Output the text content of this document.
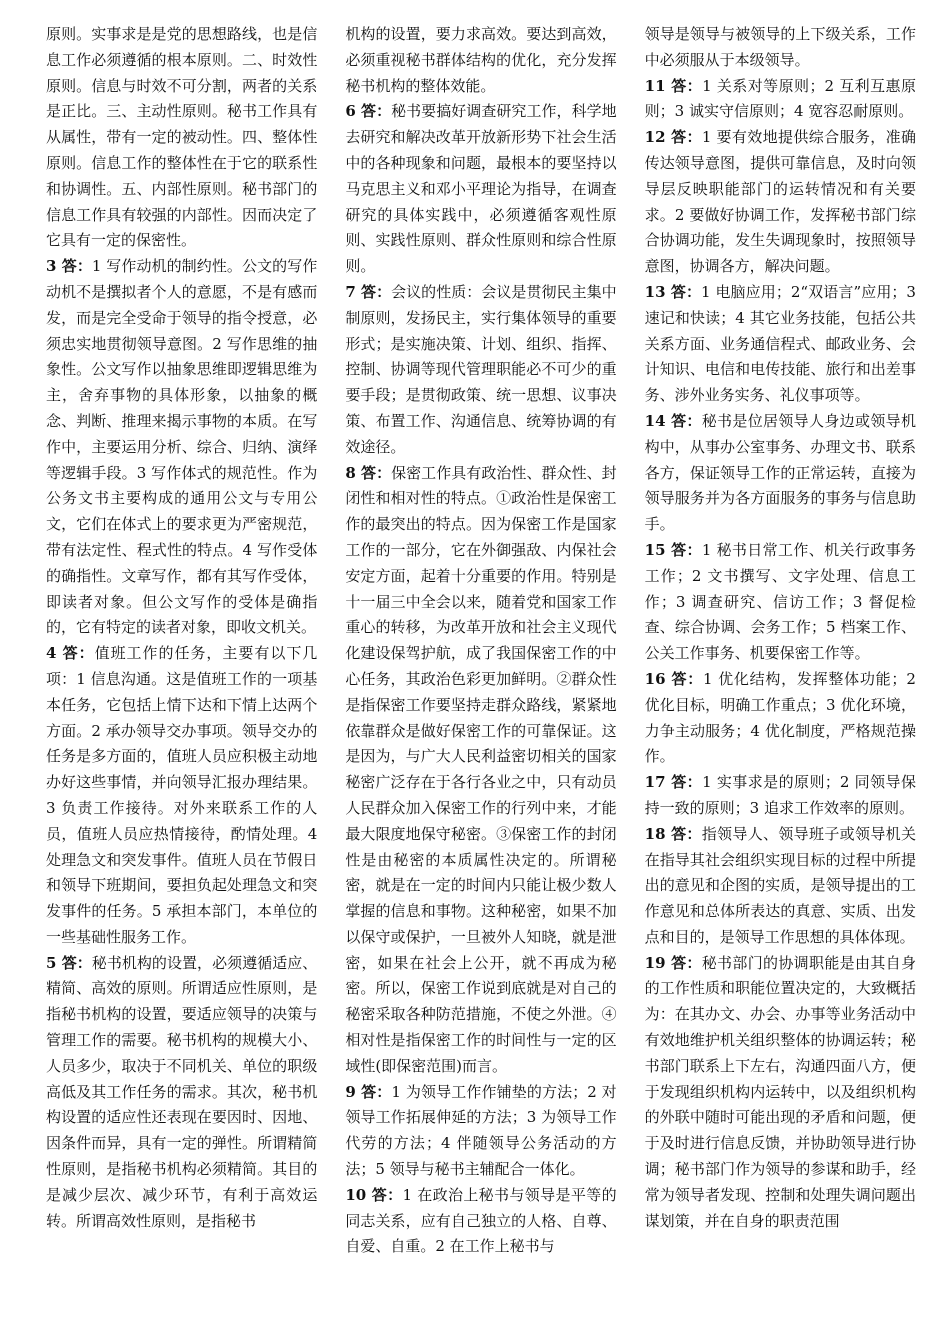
原则。实事求是是党的思想路线，也是信息工作必须遵循的根本原则。二、时效性原则。信息与时效不可分割，两者的关系是正比。三、主动性原则。秘书工作具有从属性，带有一定的被动性。四、整体性原则。信息工作的整体性在于它的联系性和协调性。五、内部性原则。秘书部门的信息工作具有较强的内部性。因而决定了它具有一定的保密性。

3 答：1 写作动机的制约性。公文的写作动机不是撰拟者个人的意愿，不是有感而发，而是完全受命于领导的指令授意，必须忠实地贯彻领导意图。2 写作思维的抽象性。公文写作以抽象思维即逻辑思维为主，舍弃事物的具体形象，以抽象的概念、判断、推理来揭示事物的本质。在写作中，主要运用分析、综合、归纳、演绎等逻辑手段。3 写作体式的规范性。作为公务文书主要构成的通用公文与专用公文，它们在体式上的要求更为严密规范，带有法定性、程式性的特点。4 写作受体的确指性。文章写作，都有其写作受体，即读者对象。但公文写作的受体是确指的，它有特定的读者对象，即收文机关。

4 答：值班工作的任务，主要有以下几项：1 信息沟通。这是值班工作的一项基本任务，它包括上情下达和下情上达两个方面。2 承办领导交办事项。领导交办的任务是多方面的，值班人员应积极主动地办好这些事情，并向领导汇报办理结果。3 负责工作接待。对外来联系工作的人员，值班人员应热情接待，酌情处理。4 处理急文和突发事件。值班人员在节假日和领导下班期间，要担负起处理急文和突发事件的任务。5 承担本部门，本单位的一些基础性服务工作。

5 答：秘书机构的设置，必须遵循适应、精简、高效的原则。所谓适应性原则，是指秘书机构的设置，要适应领导的决策与管理工作的需要。秘书机构的规模大小、人员多少，取决于不同机关、单位的职级高低及其工作任务的需求。其次，秘书机构设置的适应性还表现在要因时、因地、因条件而异，具有一定的弹性。所谓精简性原则，是指秘书机构必须精简。其目的是减少层次、减少环节，有利于高效运转。所谓高效性原则，是指秘书

机构的设置，要力求高效。要达到高效，必须重视秘书群体结构的优化，充分发挥秘书机构的整体效能。

6 答：秘书要搞好调查研究工作，科学地去研究和解决改革开放新形势下社会生活中的各种现象和问题，最根本的要坚持以马克思主义和邓小平理论为指导，在调查研究的具体实践中，必须遵循客观性原则、实践性原则、群众性原则和综合性原则。

7 答：会议的性质：会议是贯彻民主集中制原则，发扬民主，实行集体领导的重要形式；是实施决策、计划、组织、指挥、控制、协调等现代管理职能必不可少的重要手段；是贯彻政策、统一思想、议事决策、布置工作、沟通信息、统筹协调的有效途径。

8 答：保密工作具有政治性、群众性、封闭性和相对性的特点。①政治性是保密工作的最突出的特点。因为保密工作是国家工作的一部分，它在外御强敌、内保社会安定方面，起着十分重要的作用。特别是十一届三中全会以来，随着党和国家工作重心的转移，为改革开放和社会主义现代化建设保驾护航，成了我国保密工作的中心任务，其政治色彩更加鲜明。②群众性是指保密工作要坚持走群众路线，紧紧地依靠群众是做好保密工作的可靠保证。这是因为，与广大人民利益密切相关的国家秘密广泛存在于各行各业之中，只有动员人民群众加入保密工作的行列中来，才能最大限度地保守秘密。③保密工作的封闭性是由秘密的本质属性决定的。所谓秘密，就是在一定的时间内只能让极少数人掌握的信息和事物。这种秘密，如果不加以保守或保护，一旦被外人知晓，就是泄密，如果在社会上公开，就不再成为秘密。所以，保密工作说到底就是对自己的秘密采取各种防范措施，不使之外泄。④相对性是指保密工作的时间性与一定的区域性(即保密范围)而言。

9 答：1 为领导工作作铺垫的方法；2 对领导工作拓展伸延的方法；3 为领导工作代劳的方法；4 伴随领导公务活动的方法；5 领导与秘书主辅配合一体化。

10 答：1 在政治上秘书与领导是平等的同志关系，应有自己独立的人格、自尊、自爱、自重。2 在工作上秘书与

领导是领导与被领导的上下级关系，工作中必须服从于本级领导。

11 答：1 关系对等原则；2 互利互惠原则；3 诚实守信原则；4 宽容忍耐原则。

12 答：1 要有效地提供综合服务，准确传达领导意图，提供可靠信息，及时向领导层反映职能部门的运转情况和有关要求。2 要做好协调工作，发挥秘书部门综合协调功能，发生失调现象时，按照领导意图，协调各方，解决问题。

13 答：1 电脑应用；2“双语言”应用；3 速记和快读；4 其它业务技能，包括公共关系方面、业务通信程式、邮政业务、会计知识、电信和电传技能、旅行和出差事务、涉外业务实务、礼仪事项等。

14 答：秘书是位居领导人身边或领导机构中，从事办公室事务、办理文书、联系各方，保证领导工作的正常运转，直接为领导服务并为各方面服务的事务与信息助手。

15 答：1 秘书日常工作、机关行政事务工作；2 文书撰写、文字处理、信息工作；3 调查研究、信访工作；3 督促检查、综合协调、会务工作；5 档案工作、公关工作事务、机要保密工作等。

16 答：1 优化结构，发挥整体功能；2 优化目标，明确工作重点；3 优化环境，力争主动服务；4 优化制度，严格规范操作。

17 答：1 实事求是的原则；2 同领导保持一致的原则；3 追求工作效率的原则。

18 答：指领导人、领导班子或领导机关在指导其社会组织实现目标的过程中所提出的意见和企图的实质，是领导提出的工作意见和总体所表达的真意、实质、出发点和目的，是领导工作思想的具体体现。

19 答：秘书部门的协调职能是由其自身的工作性质和职能位置决定的，大致概括为：在其办文、办会、办事等业务活动中有效地维护机关组织整体的协调运转；秘书部门联系上下左右，沟通四面八方，便于发现组织机构内运转中，以及组织机构的外联中随时可能出现的矛盾和问题，便于及时进行信息反馈，并协助领导进行协调；秘书部门作为领导的参谋和助手，经常为领导者发现、控制和处理失调问题出谋划策，并在自身的职责范围
